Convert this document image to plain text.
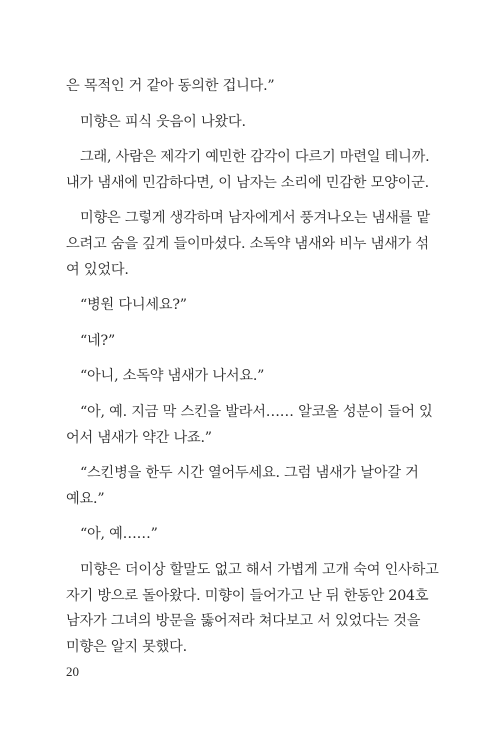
은 목적인 거 같아 동의한 겁니다.”

미향은 피식 웃음이 나왔다.

그래, 사람은 제각기 예민한 감각이 다르기 마련일 테니까.

내가 냄새에 민감하다면, 이 남자는 소리에 민감한 모양이군.

미향은 그렇게 생각하며 남자에게서 풍겨나오는 냄새를 맡

으려고 숨을 깊게 들이마셨다. 소독약 냄새와 비누 냄새가 섞
여 있었다.

“병원 다니세요?”

“네?”

“아니, 소독약 냄새가 나서요.”

“아, 예. 지금 막 스킨을 발라서…… 알코올 성분이 들어 있

어서 냄새가 약간 나죠.”

“스킨병을 한두 시간 열어두세요. 그럼 냄새가 날아갈 거

예요.”

“아, 예……”

미향은 더이상 할말도 없고 해서 가볍게 고개 숙여 인사하고

자기 방으로 돌아왔다. 미향이 들어가고 난 뒤 한동안 204호
남자가 그녀의 방문을 뚫어져라 쳐다보고 서 있었다는 것을
미향은 알지 못했다.

20
